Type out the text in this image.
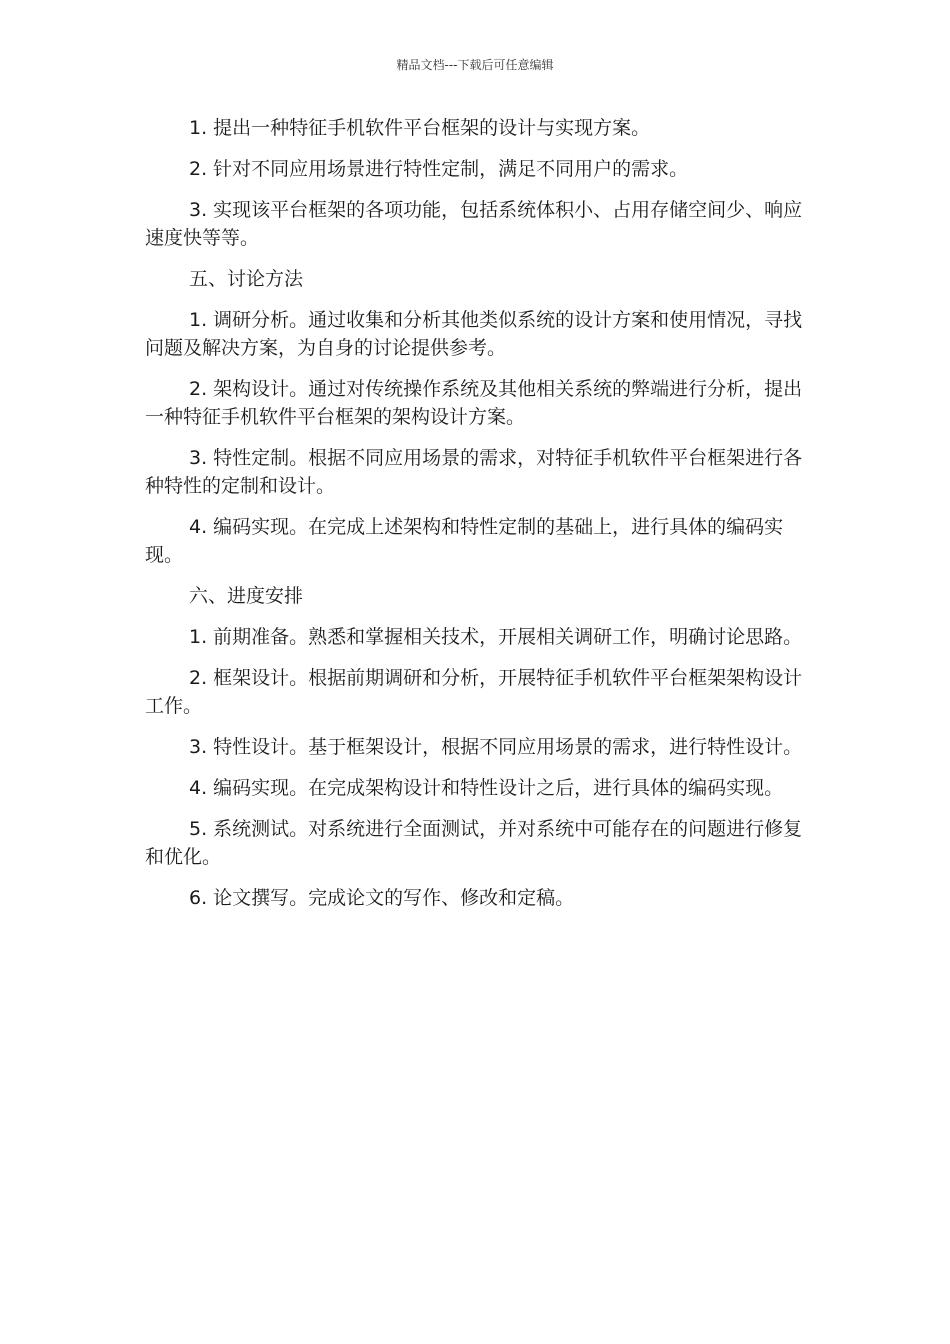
精品文档---下载后可任意编辑

1. 提出一种特征手机软件平台框架的设计与实现方案。

2. 针对不同应用场景进行特性定制，满足不同用户的需求。

3. 实现该平台框架的各项功能，包括系统体积小、占用存储空间少、响应速度快等等。

五、讨论方法

1. 调研分析。通过收集和分析其他类似系统的设计方案和使用情况，寻找问题及解决方案，为自身的讨论提供参考。

2. 架构设计。通过对传统操作系统及其他相关系统的弊端进行分析，提出一种特征手机软件平台框架的架构设计方案。

3. 特性定制。根据不同应用场景的需求，对特征手机软件平台框架进行各种特性的定制和设计。

4. 编码实现。在完成上述架构和特性定制的基础上，进行具体的编码实现。

六、进度安排

1. 前期准备。熟悉和掌握相关技术，开展相关调研工作，明确讨论思路。

2. 框架设计。根据前期调研和分析，开展特征手机软件平台框架架构设计工作。

3. 特性设计。基于框架设计，根据不同应用场景的需求，进行特性设计。

4. 编码实现。在完成架构设计和特性设计之后，进行具体的编码实现。

5. 系统测试。对系统进行全面测试，并对系统中可能存在的问题进行修复和优化。

6. 论文撰写。完成论文的写作、修改和定稿。
